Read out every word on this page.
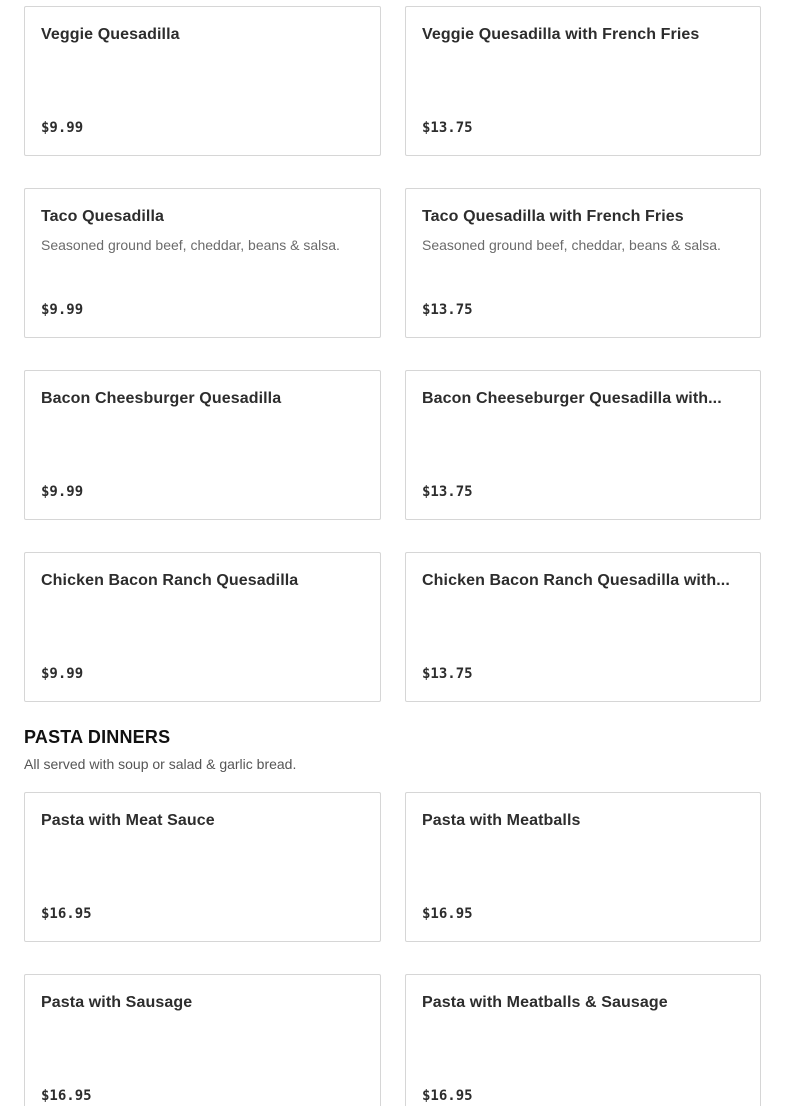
Veggie Quesadilla
$9.99
Veggie Quesadilla with French Fries
$13.75
Taco Quesadilla
Seasoned ground beef, cheddar, beans & salsa.
$9.99
Taco Quesadilla with French Fries
Seasoned ground beef, cheddar, beans & salsa.
$13.75
Bacon Cheesburger Quesadilla
$9.99
Bacon Cheeseburger Quesadilla with...
$13.75
Chicken Bacon Ranch Quesadilla
$9.99
Chicken Bacon Ranch Quesadilla with...
$13.75
PASTA DINNERS
All served with soup or salad & garlic bread.
Pasta with Meat Sauce
$16.95
Pasta with Meatballs
$16.95
Pasta with Sausage
$16.95
Pasta with Meatballs & Sausage
$16.95
